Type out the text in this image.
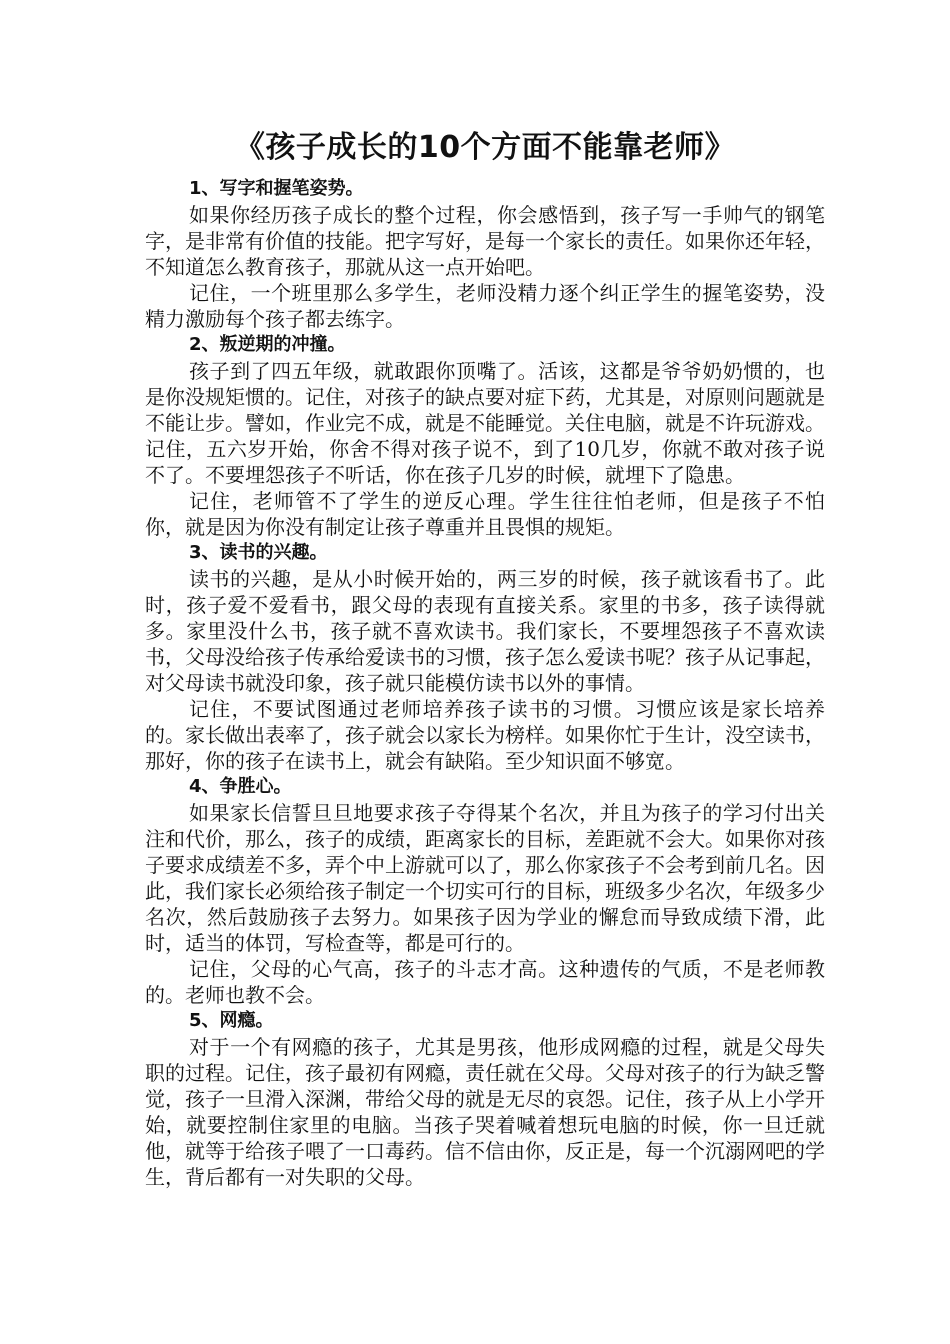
《孩子成长的10个方面不能靠老师》

1、写字和握笔姿势。

如果你经历孩子成长的整个过程，你会感悟到，孩子写一手帅气的钢笔字，是非常有价值的技能。把字写好，是每一个家长的责任。如果你还年轻，不知道怎么教育孩子，那就从这一点开始吧。

记住，一个班里那么多学生，老师没精力逐个纠正学生的握笔姿势，没精力激励每个孩子都去练字。

2、叛逆期的冲撞。

孩子到了四五年级，就敢跟你顶嘴了。活该，这都是爷爷奶奶惯的，也是你没规矩惯的。记住，对孩子的缺点要对症下药，尤其是，对原则问题就是不能让步。譬如，作业完不成，就是不能睡觉。关住电脑，就是不许玩游戏。记住，五六岁开始，你舍不得对孩子说不，到了10几岁，你就不敢对孩子说不了。不要埋怨孩子不听话，你在孩子几岁的时候，就埋下了隐患。

记住，老师管不了学生的逆反心理。学生往往怕老师，但是孩子不怕你，就是因为你没有制定让孩子尊重并且畏惧的规矩。

3、读书的兴趣。

读书的兴趣，是从小时候开始的，两三岁的时候，孩子就该看书了。此时，孩子爱不爱看书，跟父母的表现有直接关系。家里的书多，孩子读得就多。家里没什么书，孩子就不喜欢读书。我们家长，不要埋怨孩子不喜欢读书，父母没给孩子传承给爱读书的习惯，孩子怎么爱读书呢？孩子从记事起，对父母读书就没印象，孩子就只能模仿读书以外的事情。

记住，不要试图通过老师培养孩子读书的习惯。习惯应该是家长培养的。家长做出表率了，孩子就会以家长为榜样。如果你忙于生计，没空读书，那好，你的孩子在读书上，就会有缺陷。至少知识面不够宽。

4、争胜心。

如果家长信誓旦旦地要求孩子夺得某个名次，并且为孩子的学习付出关注和代价，那么，孩子的成绩，距离家长的目标，差距就不会大。如果你对孩子要求成绩差不多，弄个中上游就可以了，那么你家孩子不会考到前几名。因此，我们家长必须给孩子制定一个切实可行的目标，班级多少名次，年级多少名次，然后鼓励孩子去努力。如果孩子因为学业的懈怠而导致成绩下滑，此时，适当的体罚，写检查等，都是可行的。

记住，父母的心气高，孩子的斗志才高。这种遗传的气质，不是老师教的。老师也教不会。

5、网瘾。

对于一个有网瘾的孩子，尤其是男孩，他形成网瘾的过程，就是父母失职的过程。记住，孩子最初有网瘾，责任就在父母。父母对孩子的行为缺乏警觉，孩子一旦滑入深渊，带给父母的就是无尽的哀怨。记住，孩子从上小学开始，就要控制住家里的电脑。当孩子哭着喊着想玩电脑的时候，你一旦迁就他，就等于给孩子喂了一口毒药。信不信由你，反正是，每一个沉溺网吧的学生，背后都有一对失职的父母。
